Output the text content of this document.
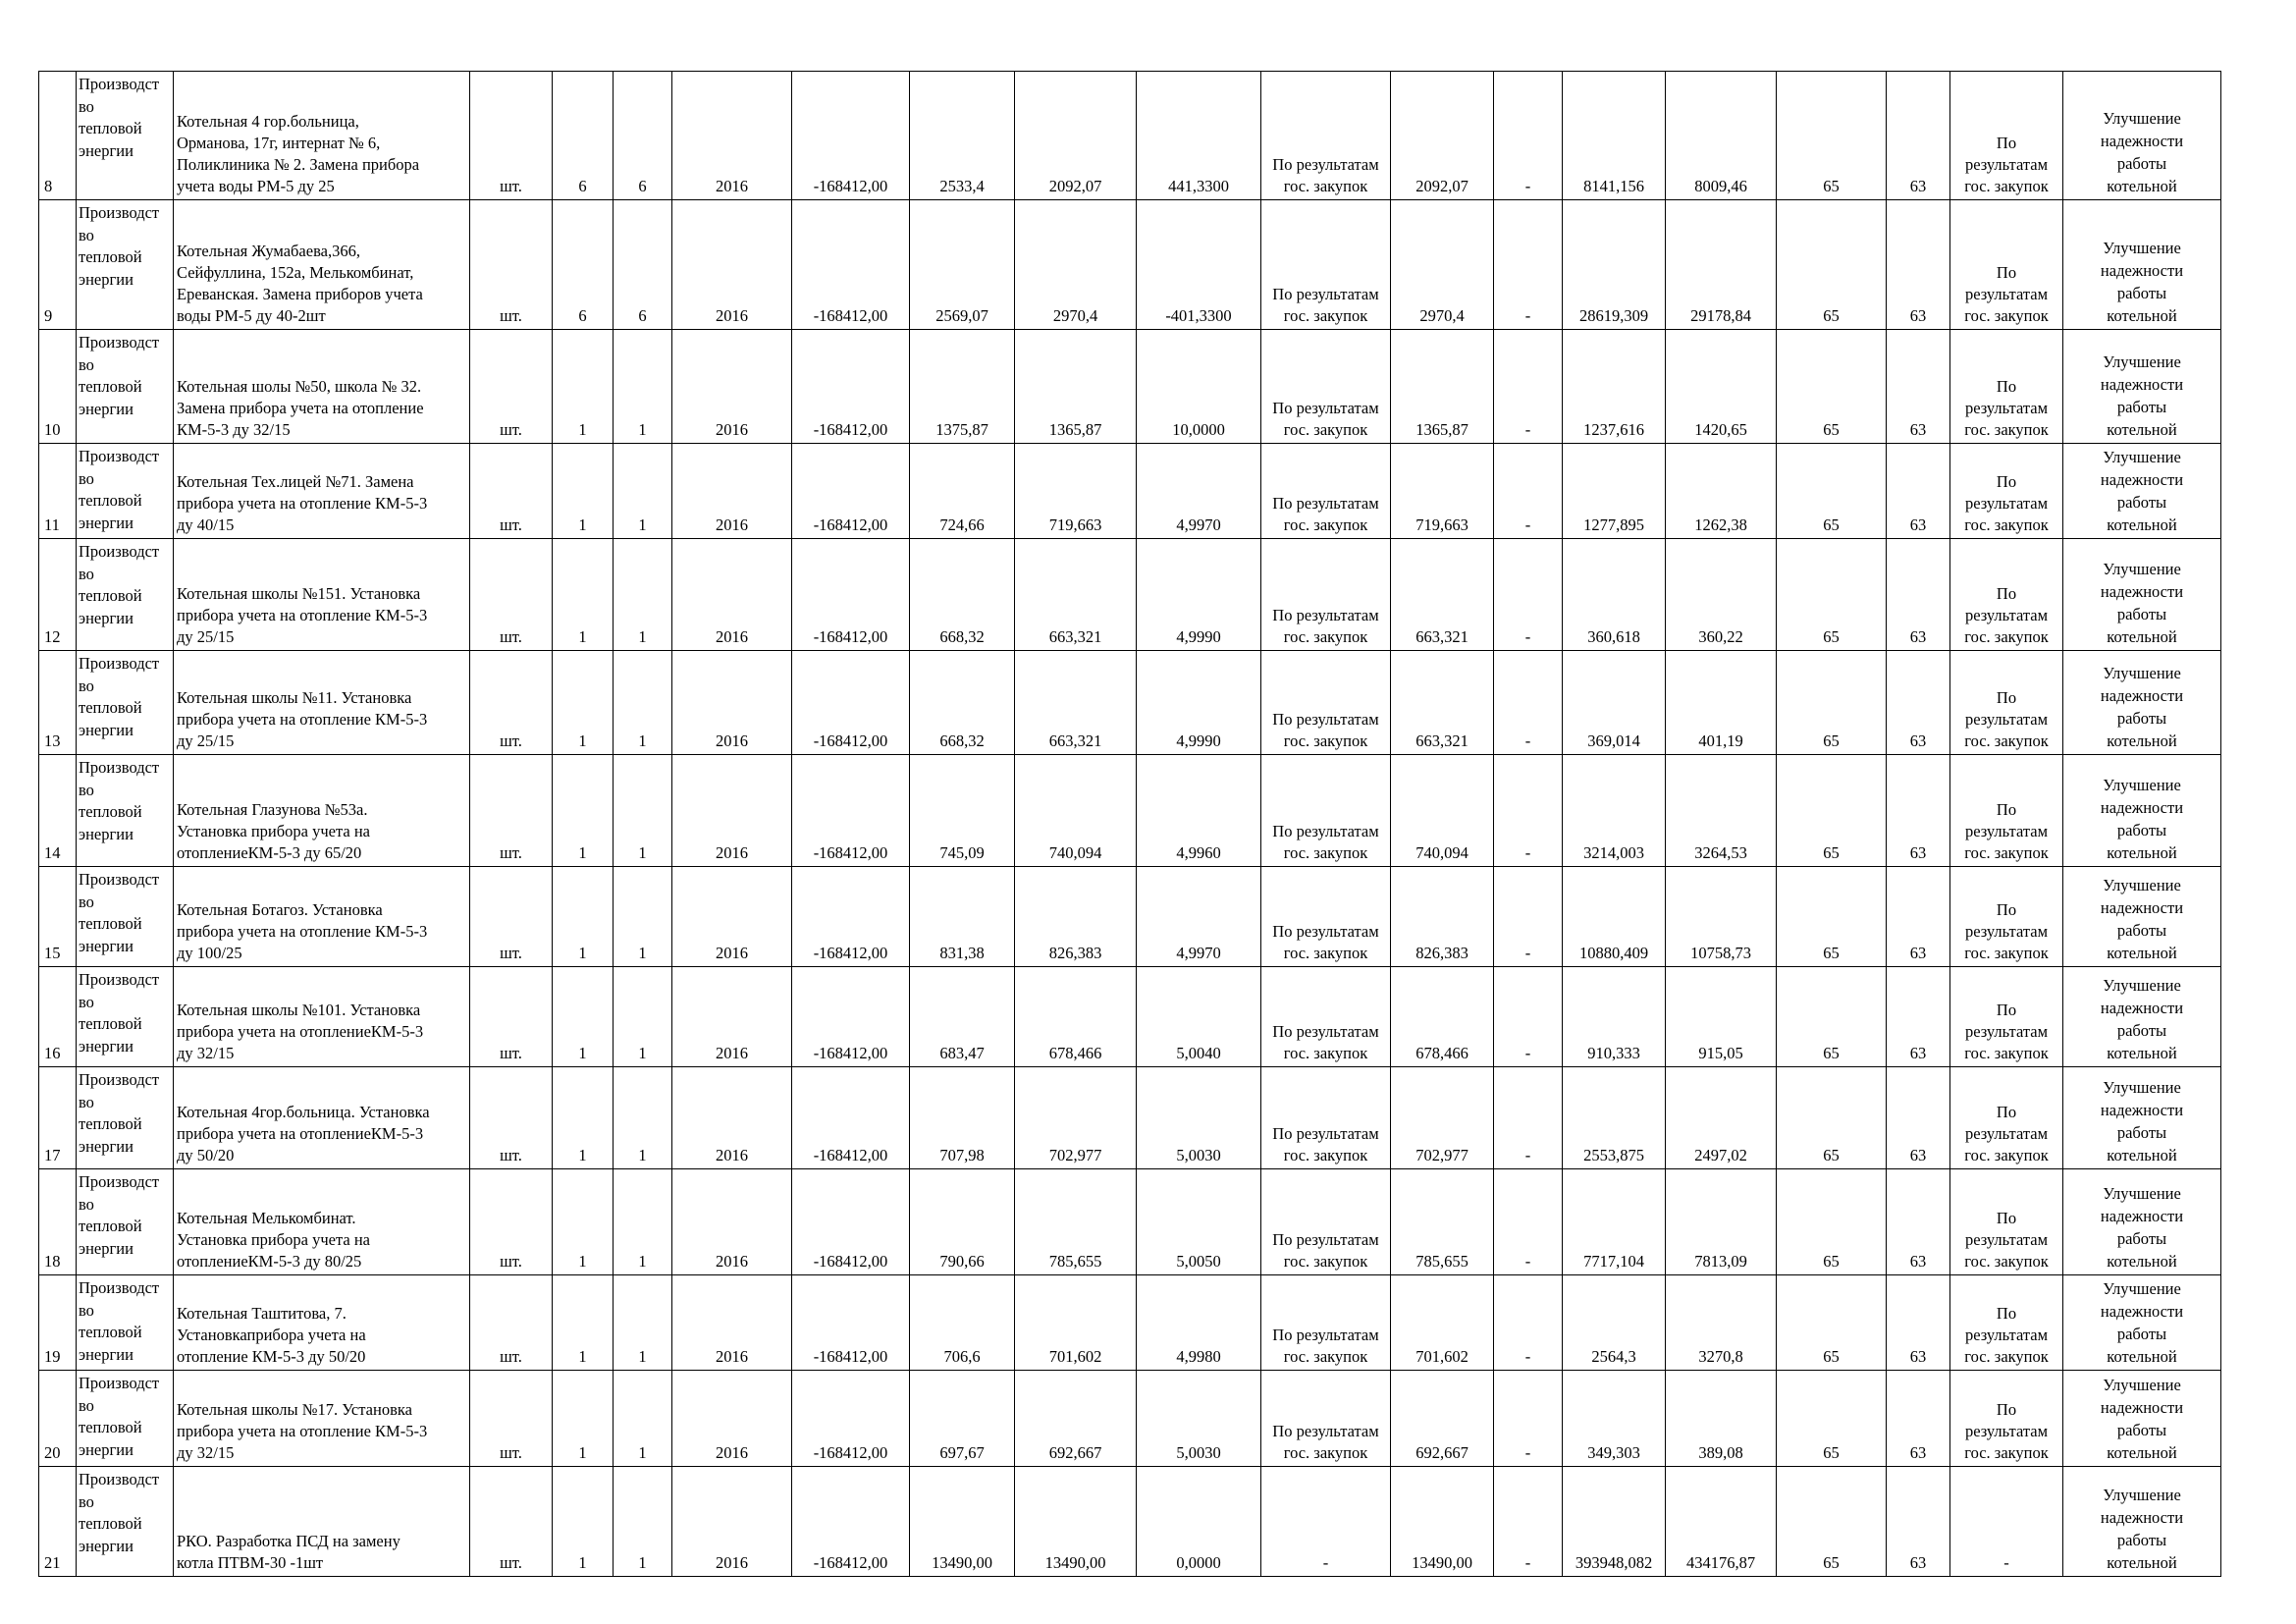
8	Производст
во
тепловой
энергии	Котельная 4 гор.больница,
Орманова, 17г, интернат № 6,
Поликлиника № 2. Замена прибора
учета воды РМ-5 ду 25	шт.	6	6	2016	-168412,00	2533,4	2092,07	441,3300	По результатам
гос. закупок	2092,07	-	8141,156	8009,46	65	63	По результатам
гос. закупок	Улучшение
надежности
работы
котельной

9	Производст
во
тепловой
энергии	Котельная Жумабаева,366,
Сейфуллина, 152а, Мелькомбинат,
Ереванская. Замена приборов учета
воды РМ-5 ду 40-2шт	шт.	6	6	2016	-168412,00	2569,07	2970,4	-401,3300	По результатам
гос. закупок	2970,4	-	28619,309	29178,84	65	63	По результатам
гос. закупок	Улучшение
надежности
работы
котельной

10	Производст
во
тепловой
энергии	Котельная шолы №50, школа № 32.
Замена прибора учета на отопление
КМ-5-3 ду 32/15	шт.	1	1	2016	-168412,00	1375,87	1365,87	10,0000	По результатам
гос. закупок	1365,87	-	1237,616	1420,65	65	63	По результатам
гос. закупок	Улучшение
надежности
работы
котельной

11	Производст
во
тепловой
энергии	Котельная Тех.лицей №71. Замена
прибора учета на отопление КМ-5-3
ду 40/15	шт.	1	1	2016	-168412,00	724,66	719,663	4,9970	По результатам
гос. закупок	719,663	-	1277,895	1262,38	65	63	По результатам
гос. закупок	Улучшение
надежности
работы
котельной

12	Производст
во
тепловой
энергии	Котельная школы №151. Установка
прибора учета на отопление КМ-5-3
ду 25/15	шт.	1	1	2016	-168412,00	668,32	663,321	4,9990	По результатам
гос. закупок	663,321	-	360,618	360,22	65	63	По результатам
гос. закупок	Улучшение
надежности
работы
котельной

13	Производст
во
тепловой
энергии	Котельная школы №11. Установка
прибора учета на отопление КМ-5-3
ду 25/15	шт.	1	1	2016	-168412,00	668,32	663,321	4,9990	По результатам
гос. закупок	663,321	-	369,014	401,19	65	63	По результатам
гос. закупок	Улучшение
надежности
работы
котельной

14	Производст
во
тепловой
энергии	Котельная Глазунова №53а.
Установка прибора учета на
отоплениеКМ-5-3 ду 65/20	шт.	1	1	2016	-168412,00	745,09	740,094	4,9960	По результатам
гос. закупок	740,094	-	3214,003	3264,53	65	63	По результатам
гос. закупок	Улучшение
надежности
работы
котельной

15	Производст
во
тепловой
энергии	Котельная Ботагоз. Установка
прибора учета на отопление КМ-5-3
ду 100/25	шт.	1	1	2016	-168412,00	831,38	826,383	4,9970	По результатам
гос. закупок	826,383	-	10880,409	10758,73	65	63	По результатам
гос. закупок	Улучшение
надежности
работы
котельной

16	Производст
во
тепловой
энергии	Котельная школы №101. Установка
прибора учета на отоплениеКМ-5-3
ду 32/15	шт.	1	1	2016	-168412,00	683,47	678,466	5,0040	По результатам
гос. закупок	678,466	-	910,333	915,05	65	63	По результатам
гос. закупок	Улучшение
надежности
работы
котельной

17	Производст
во
тепловой
энергии	Котельная 4гор.больница. Установка
прибора учета на отоплениеКМ-5-3
ду 50/20	шт.	1	1	2016	-168412,00	707,98	702,977	5,0030	По результатам
гос. закупок	702,977	-	2553,875	2497,02	65	63	По результатам
гос. закупок	Улучшение
надежности
работы
котельной

18	Производст
во
тепловой
энергии	Котельная Мелькомбинат.
Установка прибора учета на
отоплениеКМ-5-3 ду 80/25	шт.	1	1	2016	-168412,00	790,66	785,655	5,0050	По результатам
гос. закупок	785,655	-	7717,104	7813,09	65	63	По результатам
гос. закупок	Улучшение
надежности
работы
котельной

19	Производст
во
тепловой
энергии	Котельная Таштитова, 7.
Установкаприбора учета на
отопление КМ-5-3 ду 50/20	шт.	1	1	2016	-168412,00	706,6	701,602	4,9980	По результатам
гос. закупок	701,602	-	2564,3	3270,8	65	63	По результатам
гос. закупок	Улучшение
надежности
работы
котельной

20	Производст
во
тепловой
энергии	Котельная школы №17. Установка
прибора учета на отопление КМ-5-3
ду 32/15	шт.	1	1	2016	-168412,00	697,67	692,667	5,0030	По результатам
гос. закупок	692,667	-	349,303	389,08	65	63	По результатам
гос. закупок	Улучшение
надежности
работы
котельной

21	Производст
во
тепловой
энергии	РКО. Разработка ПСД на замену
котла ПТВМ-30 -1шт	шт.	1	1	2016	-168412,00	13490,00	13490,00	0,0000	-	13490,00	-	393948,082	434176,87	65	63	-	Улучшение
надежности
работы
котельной
